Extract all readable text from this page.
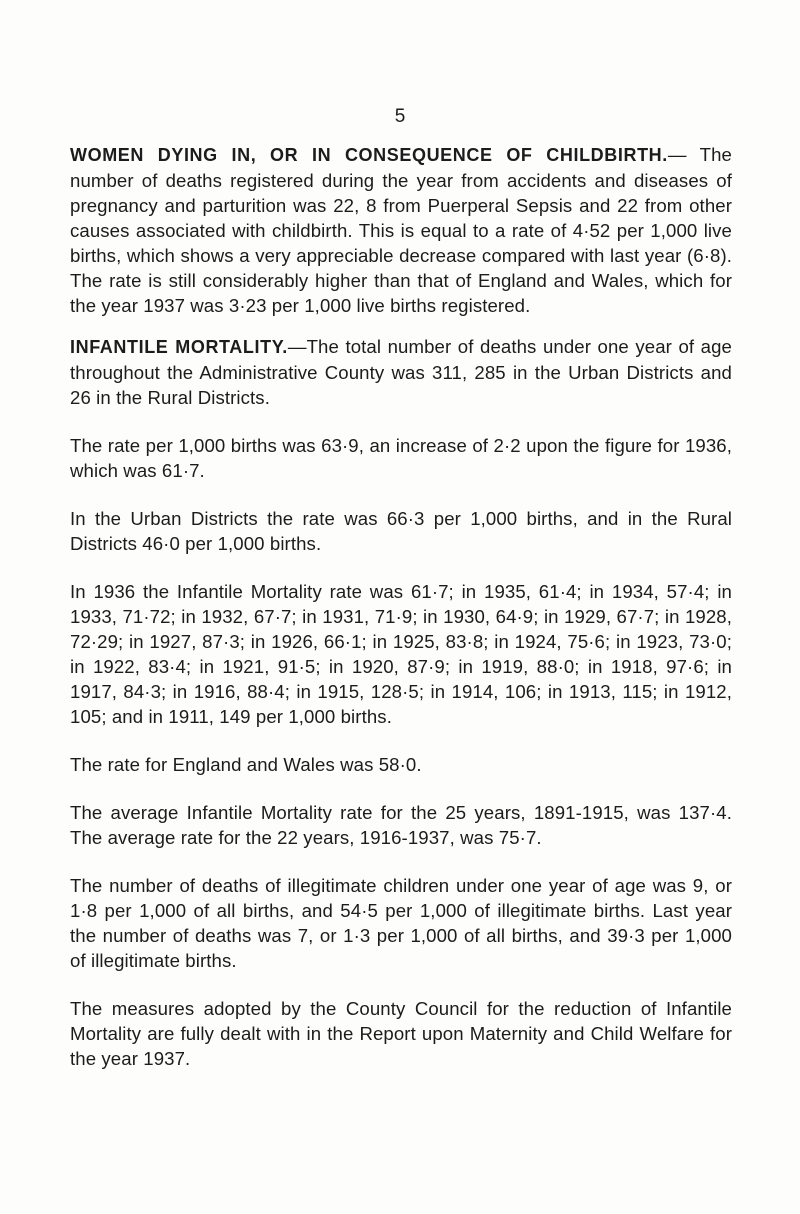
5

WOMEN DYING IN, OR IN CONSEQUENCE OF CHILDBIRTH.— The number of deaths registered during the year from accidents and diseases of pregnancy and parturition was 22, 8 from Puerperal Sepsis and 22 from other causes associated with childbirth. This is equal to a rate of 4·52 per 1,000 live births, which shows a very appreciable decrease compared with last year (6·8). The rate is still considerably higher than that of England and Wales, which for the year 1937 was 3·23 per 1,000 live births registered.

INFANTILE MORTALITY.—The total number of deaths under one year of age throughout the Administrative County was 311, 285 in the Urban Districts and 26 in the Rural Districts.

The rate per 1,000 births was 63·9, an increase of 2·2 upon the figure for 1936, which was 61·7.

In the Urban Districts the rate was 66·3 per 1,000 births, and in the Rural Districts 46·0 per 1,000 births.

In 1936 the Infantile Mortality rate was 61·7; in 1935, 61·4; in 1934, 57·4; in 1933, 71·72; in 1932, 67·7; in 1931, 71·9; in 1930, 64·9; in 1929, 67·7; in 1928, 72·29; in 1927, 87·3; in 1926, 66·1; in 1925, 83·8; in 1924, 75·6; in 1923, 73·0; in 1922, 83·4; in 1921, 91·5; in 1920, 87·9; in 1919, 88·0; in 1918, 97·6; in 1917, 84·3; in 1916, 88·4; in 1915, 128·5; in 1914, 106; in 1913, 115; in 1912, 105; and in 1911, 149 per 1,000 births.

The rate for England and Wales was 58·0.

The average Infantile Mortality rate for the 25 years, 1891-1915, was 137·4. The average rate for the 22 years, 1916-1937, was 75·7.

The number of deaths of illegitimate children under one year of age was 9, or 1·8 per 1,000 of all births, and 54·5 per 1,000 of illegitimate births. Last year the number of deaths was 7, or 1·3 per 1,000 of all births, and 39·3 per 1,000 of illegitimate births.

The measures adopted by the County Council for the reduction of Infantile Mortality are fully dealt with in the Report upon Maternity and Child Welfare for the year 1937.
